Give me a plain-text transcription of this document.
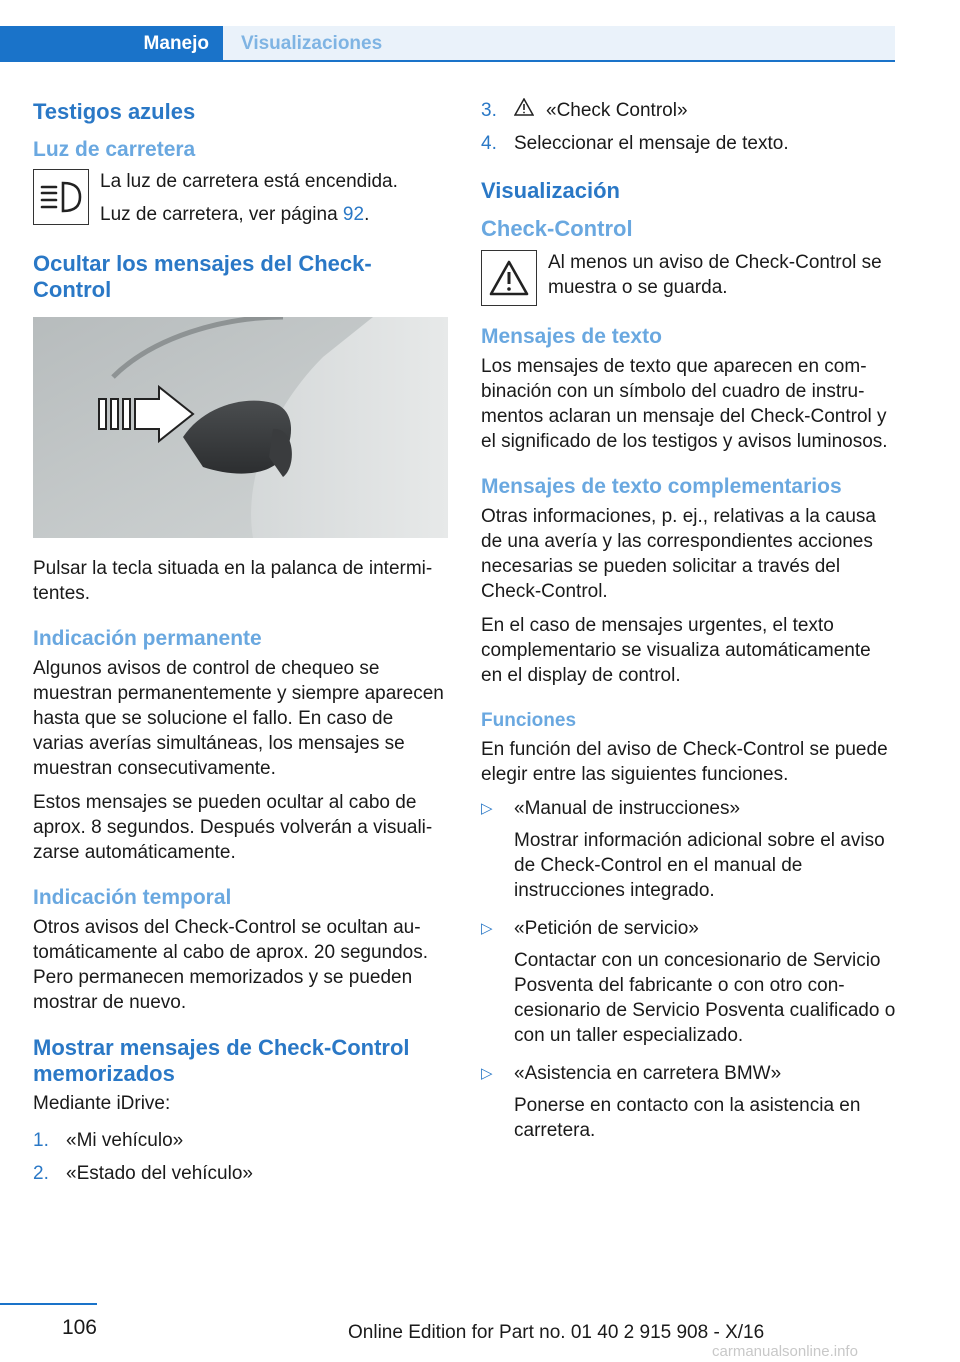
Manejo	Visualizaciones
Testigos azules
Luz de carretera

La luz de carretera está encendida.

Luz de carretera, ver página 92.

Ocultar los mensajes del Check-Control

Pulsar la tecla situada en la palanca de intermitentes.

Indicación permanente

Algunos avisos de control de chequeo se muestran permanentemente y siempre aparecen hasta que se solucione el fallo. En caso de varias averías simultáneas, los mensajes se muestran consecutivamente.

Estos mensajes se pueden ocultar al cabo de aprox. 8 segundos. Después volverán a visualizarse automáticamente.

Indicación temporal

Otros avisos del Check-Control se ocultan automáticamente al cabo de aprox. 20 segundos. Pero permanecen memorizados y se pueden mostrar de nuevo.

Mostrar mensajes de Check-Control memorizados

Mediante iDrive:

1. «Mi vehículo»
2. «Estado del vehículo»
3.	«Check Control»
4. Seleccionar el mensaje de texto.
Visualización
Check-Control

Al menos un aviso de Check-Control se muestra o se guarda.

Mensajes de texto

Los mensajes de texto que aparecen en combinación con un símbolo del cuadro de instrumentos aclaran un mensaje del Check-Control y el significado de los testigos y avisos luminosos.

Mensajes de texto complementarios

Otras informaciones, p. ej., relativas a la causa de una avería y las correspondientes acciones necesarias se pueden solicitar a través del Check-Control.

En el caso de mensajes urgentes, el texto complementario se visualiza automáticamente en el display de control.

Funciones

En función del aviso de Check-Control se puede elegir entre las siguientes funciones.

▷	«Manual de instrucciones»

Mostrar información adicional sobre el aviso de Check-Control en el manual de instrucciones integrado.

▷	«Petición de servicio»

Contactar con un concesionario de Servicio Posventa del fabricante o con otro concesionario de Servicio Posventa cualificado o con un taller especializado.

▷	«Asistencia en carretera BMW»

Ponerse en contacto con la asistencia en carretera.

106	Online Edition for Part no. 01 40 2 915 908 - X/16
carmanualsonline.info
